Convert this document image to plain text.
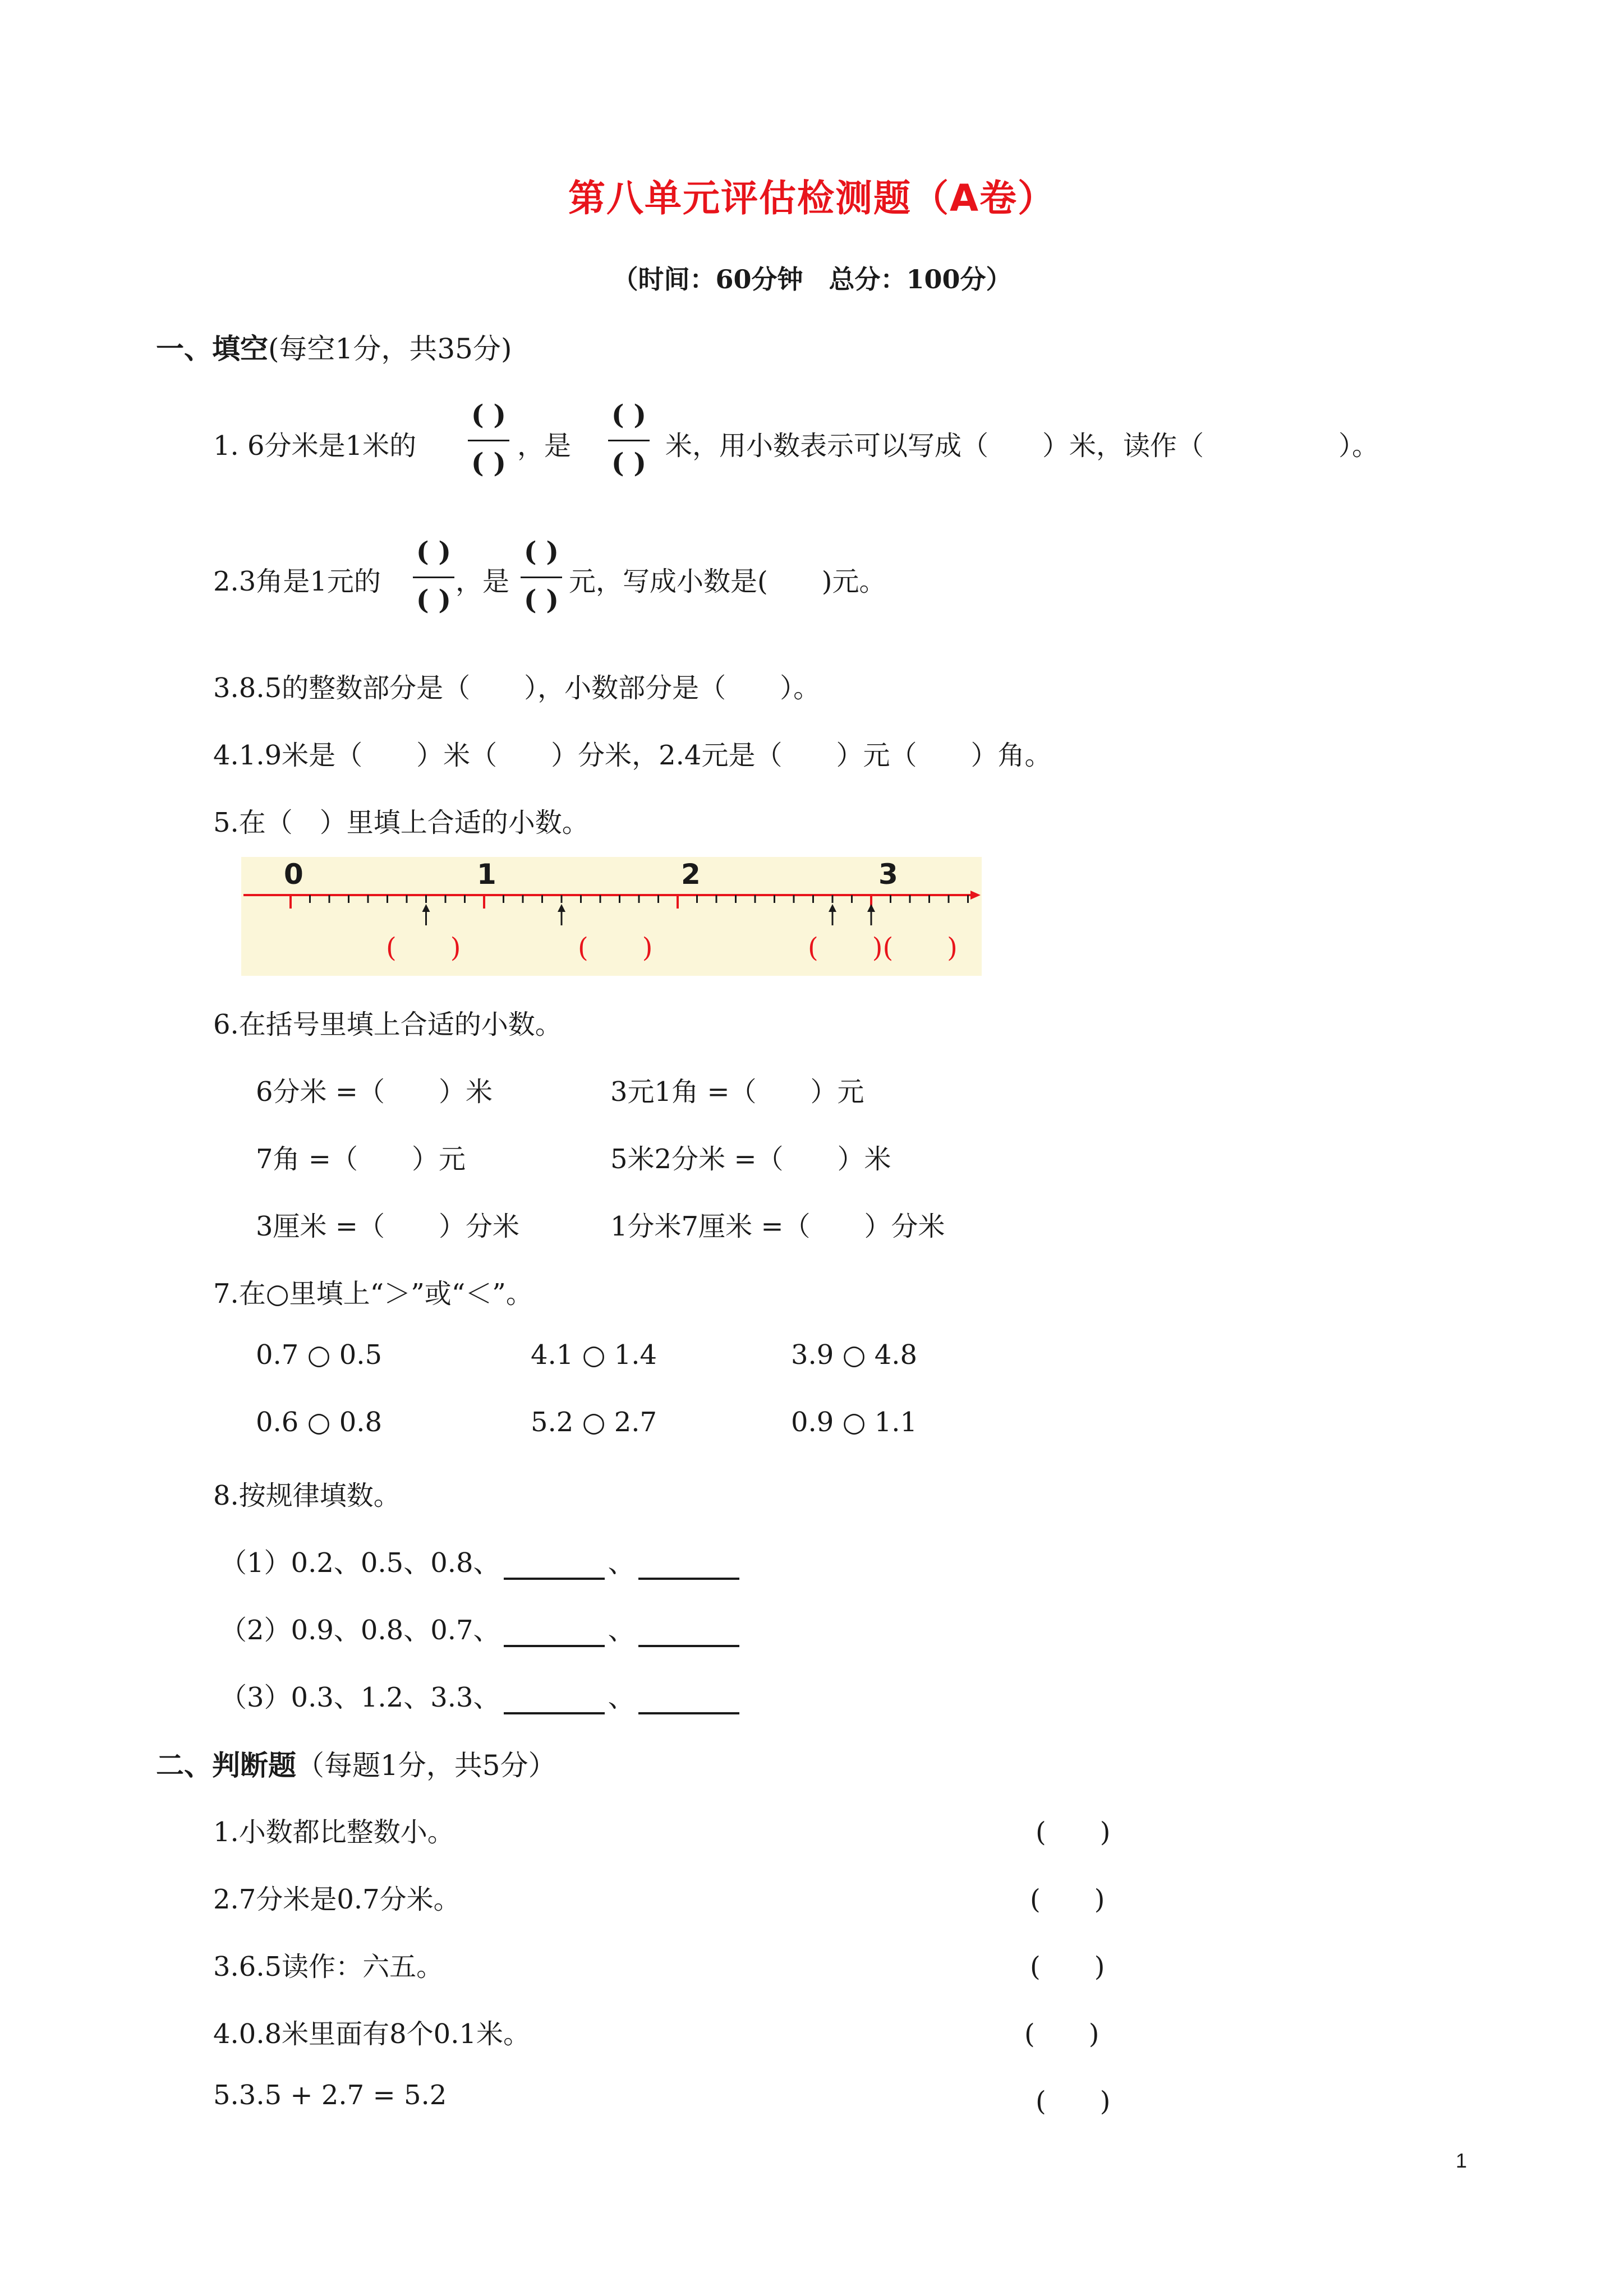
第八单元评估检测题（A卷）
（时间：60分钟　总分：100分）
一、填空(每空1分，共35分)
1. 6分米是1米的
( )
( )
，是
( )
( )
米，用小数表示可以写成（　　）米，读作（　　　　　）。
2.3角是1元的
( )
( )
，是
( )
( )
元，写成小数是(　　)元。
3.8.5的整数部分是（　　），小数部分是（　　）。
4.1.9米是（　　）米（　　）分米，2.4元是（　　）元（　　）角。
5.在（　）里填上合适的小数。
0	1	2	3
(　　)	(　　)	(　　)(　　)
6.在括号里填上合适的小数。
6分米 =（　　）米	3元1角 =（　　）元
7角 =（　　）元	5米2分米 =（　　）米
3厘米 =（　　）分米	1分米7厘米 =（　　）分米
7.在○里填上“＞”或“＜”。
0.7 ○ 0.5	4.1 ○ 1.4	3.9 ○ 4.8
0.6 ○ 0.8	5.2 ○ 2.7	0.9 ○ 1.1
8.按规律填数。
（1）0.2、0.5、0.8、	、
（2）0.9、0.8、0.7、	、
（3）0.3、1.2、3.3、	、
二、判断题（每题1分，共5分）
1.小数都比整数小。	(　　)
2.7分米是0.7分米。	(　　)
3.6.5读作：六五。	(　　)
4.0.8米里面有8个0.1米。	(　　)
5.3.5 + 2.7 = 5.2	(　　)
1
